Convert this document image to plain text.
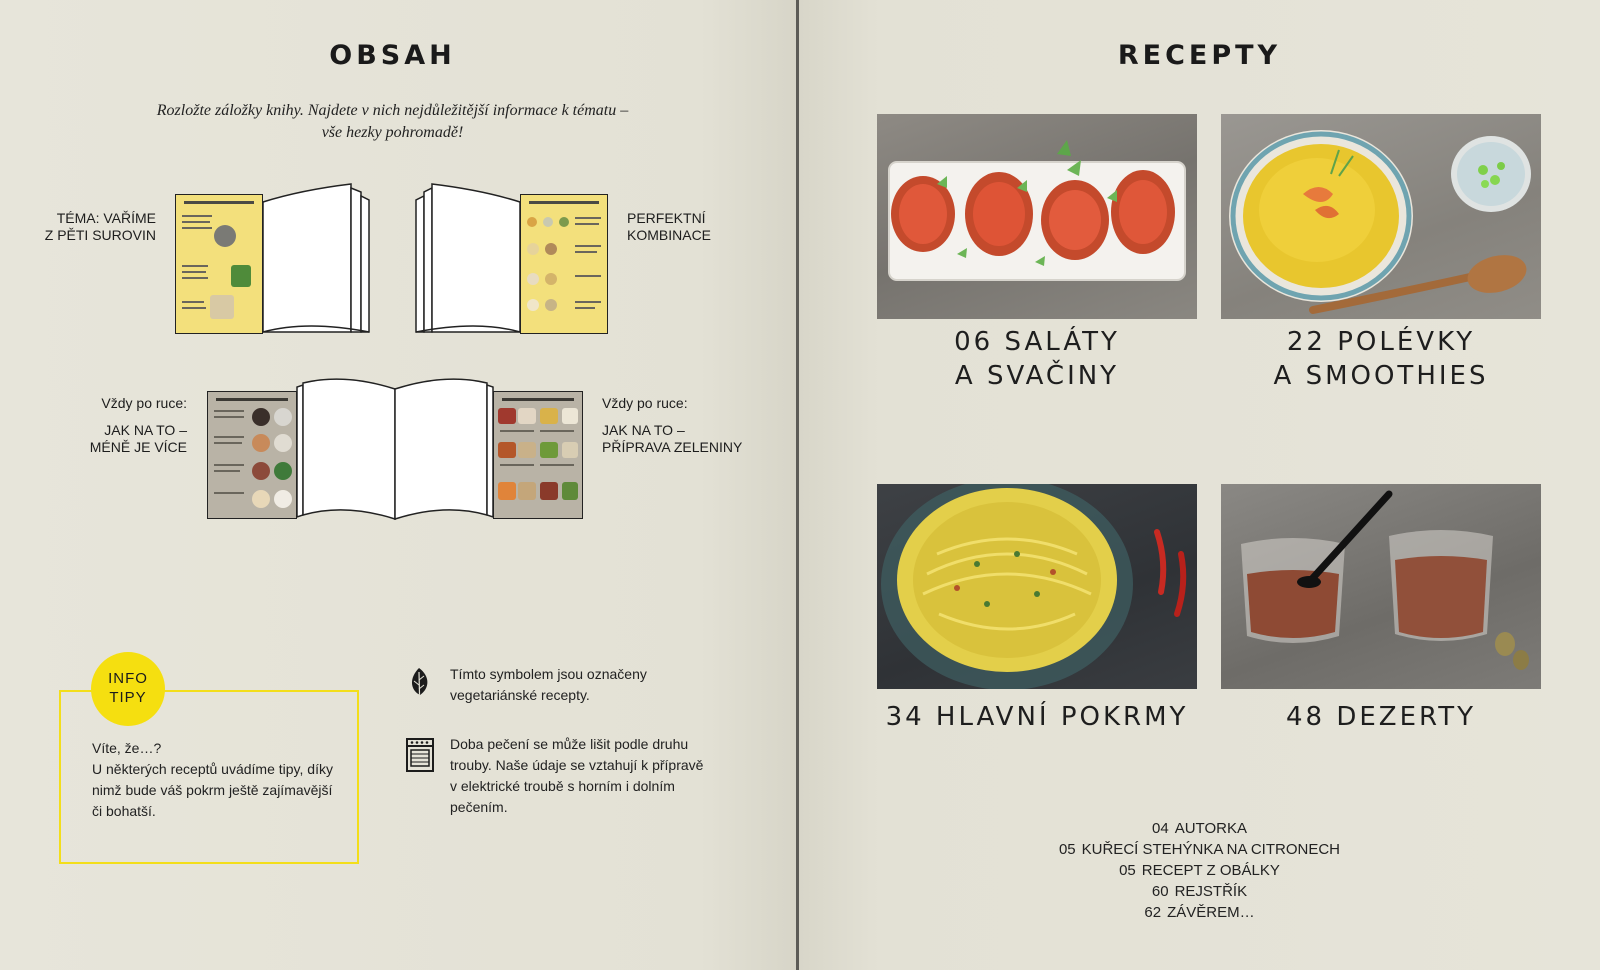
OBSAH
Rozložte záložky knihy. Najdete v nich nejdůležitější informace k tématu –
vše hezky pohromadě!
TÉMA: VAŘÍME
Z PĚTI SUROVIN
PERFEKTNÍ
KOMBINACE
Vždy po ruce:
JAK NA TO –
MÉNĚ JE VÍCE
Vždy po ruce:
JAK NA TO –
PŘÍPRAVA ZELENINY
INFO
TIPY
Víte, že…?
U některých receptů uvádíme tipy, díky
nimž bude váš pokrm ještě zajímavější
či bohatší.
Tímto symbolem jsou označeny
vegetariánské recepty.
Doba pečení se může lišit podle druhu
trouby. Naše údaje se vztahují k přípravě
v elektrické troubě s horním i dolním
pečením.
RECEPTY
06 SALÁTY
A SVAČINY
22 POLÉVKY
A SMOOTHIES
34 HLAVNÍ POKRMY	48 DEZERTY
04 AUTORKA
05 KUŘECÍ STEHÝNKA NA CITRONECH
05 RECEPT Z OBÁLKY
60 REJSTŘÍK
62 ZÁVĚREM…
